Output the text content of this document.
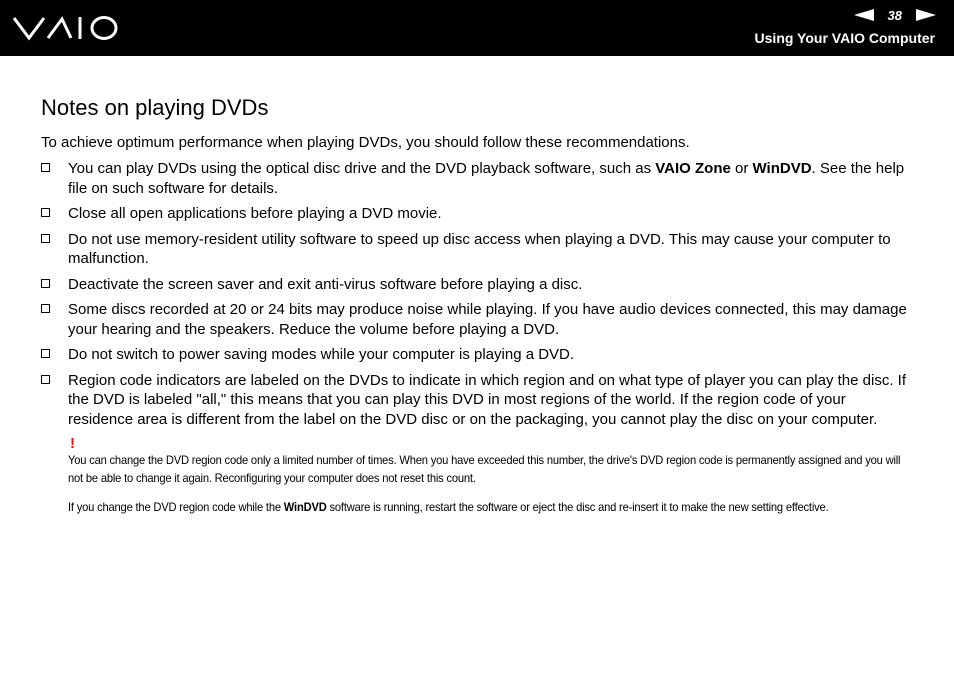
38
Using Your VAIO Computer
Notes on playing DVDs

To achieve optimum performance when playing DVDs, you should follow these recommendations.

You can play DVDs using the optical disc drive and the DVD playback software, such as VAIO Zone or WinDVD. See the help file on such software for details.
Close all open applications before playing a DVD movie.
Do not use memory-resident utility software to speed up disc access when playing a DVD. This may cause your computer to malfunction.
Deactivate the screen saver and exit anti-virus software before playing a disc.
Some discs recorded at 20 or 24 bits may produce noise while playing. If you have audio devices connected, this may damage your hearing and the speakers. Reduce the volume before playing a DVD.
Do not switch to power saving modes while your computer is playing a DVD.
Region code indicators are labeled on the DVDs to indicate in which region and on what type of player you can play the disc. If the DVD is labeled "all," this means that you can play this DVD in most regions of the world. If the region code of your residence area is different from the label on the DVD disc or on the packaging, you cannot play the disc on your computer.
!

You can change the DVD region code only a limited number of times. When you have exceeded this number, the drive's DVD region code is permanently assigned and you will not be able to change it again. Reconfiguring your computer does not reset this count.

If you change the DVD region code while the WinDVD software is running, restart the software or eject the disc and re-insert it to make the new setting effective.
